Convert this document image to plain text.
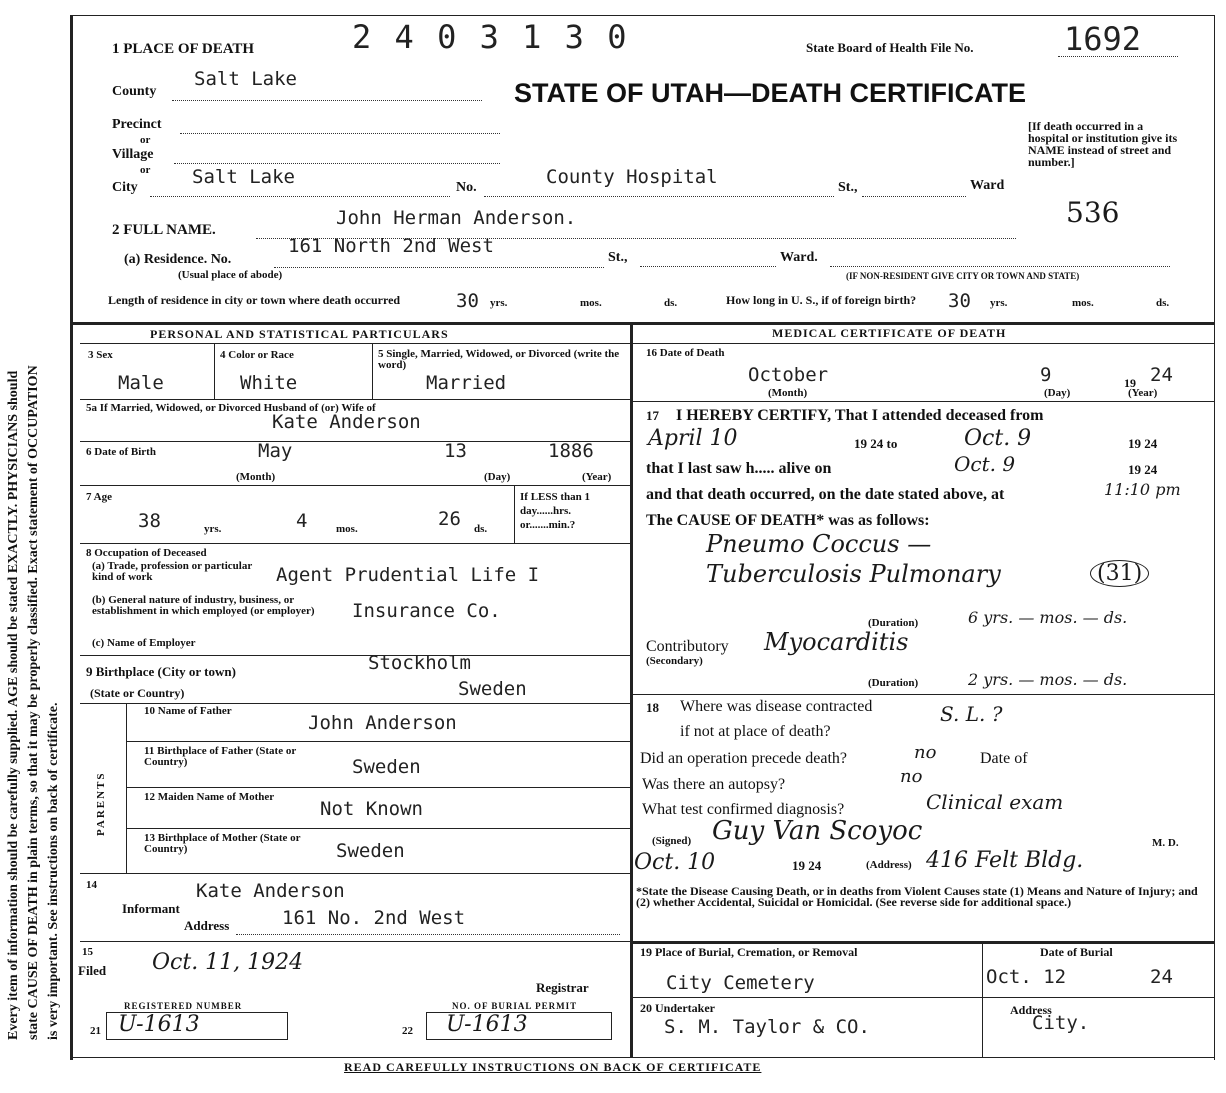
Every item of information should be carefully supplied. AGE should be stated EXACTLY. PHYSICIANS should state CAUSE OF DEATH in plain terms, so that it may be properly classified. Exact statement of OCCUPATION is very important. See instructions on back of certificate.
1 PLACE OF DEATH	2 4 0 3 1 3 0	State Board of Health File No.	1692
STATE OF UTAH—DEATH CERTIFICATE
[If death occurred in a hospital or institution give its NAME instead of street and number.]
536
County
Salt Lake
Precinct
or
Village
or
City	Salt Lake	No.	County Hospital	St.,	Ward
2 FULL NAME.
John Herman Anderson.
(a) Residence. No.
161 North 2nd West
St.,	Ward.
(Usual place of abode)	(IF NON-RESIDENT GIVE CITY OR TOWN AND STATE)
Length of residence in city or town where death occurred	30 yrs.	mos.	ds.	How long in U. S., if of foreign birth? 30 yrs.	mos.	ds.
PERSONAL AND STATISTICAL PARTICULARS	MEDICAL CERTIFICATE OF DEATH
3 Sex
Male
4 Color or Race
White
5 Single, Married, Widowed, or Divorced (write the word)
Married
5a If Married, Widowed, or Divorced Husband of (or) Wife of
Kate Anderson
6 Date of Birth	May	13	1886
(Month)	(Day)	(Year)
7 Age
38	yrs.	4	mos.	26 ds.
If LESS than 1 day......hrs. or.......min.?
8 Occupation of Deceased
(a) Trade, profession or particular kind of work	Agent Prudential Life I
(b) General nature of industry, business, or establishment in which employed (or employer)	Insurance Co.
(c) Name of Employer
9 Birthplace (City or town)	Stockholm
(State or Country)	Sweden
PARENTS
10 Name of Father
John Anderson
11 Birthplace of Father (State or Country)	Sweden
12 Maiden Name of Mother
Not Known
13 Birthplace of Mother (State or Country)	Sweden
14
Informant
Kate Anderson
Address	161 No. 2nd West
15
Filed Oct. 11, 1924
Registrar
REGISTERED NUMBER
21 U-1613
NO. OF BURIAL PERMIT
22 U-1613
16 Date of Death
October	9	19 24
(Month)	(Day)	(Year)
17 I HEREBY CERTIFY, That I attended deceased from
April 10	19 24 to	Oct. 9	19 24
that I last saw h..... alive on	Oct. 9	19 24
and that death occurred, on the date stated above, at	11:10 pm
The CAUSE OF DEATH* was as follows:
Pneumo Coccus —
Tuberculosis Pulmonary	(31)
(Duration)	6 yrs. — mos. — ds.
Contributory
(Secondary)
Myocarditis
(Duration)	2 yrs. — mos. — ds.
18 Where was disease contracted
if not at place of death?
S. L. ?
Did an operation precede death?	no	Date of
Was there an autopsy?	no
What test confirmed diagnosis?	Clinical exam
(Signed) Guy Van Scoyoc	M. D.
Oct. 10	19 24	(Address) 416 Felt Bldg.
*State the Disease Causing Death, or in deaths from Violent Causes state (1) Means and Nature of Injury; and (2) whether Accidental, Suicidal or Homicidal. (See reverse side for additional space.)
19 Place of Burial, Cremation, or Removal
City Cemetery
Date of Burial
Oct. 12	24
20 Undertaker
S. M. Taylor & CO.
Address
City.
READ CAREFULLY INSTRUCTIONS ON BACK OF CERTIFICATE
